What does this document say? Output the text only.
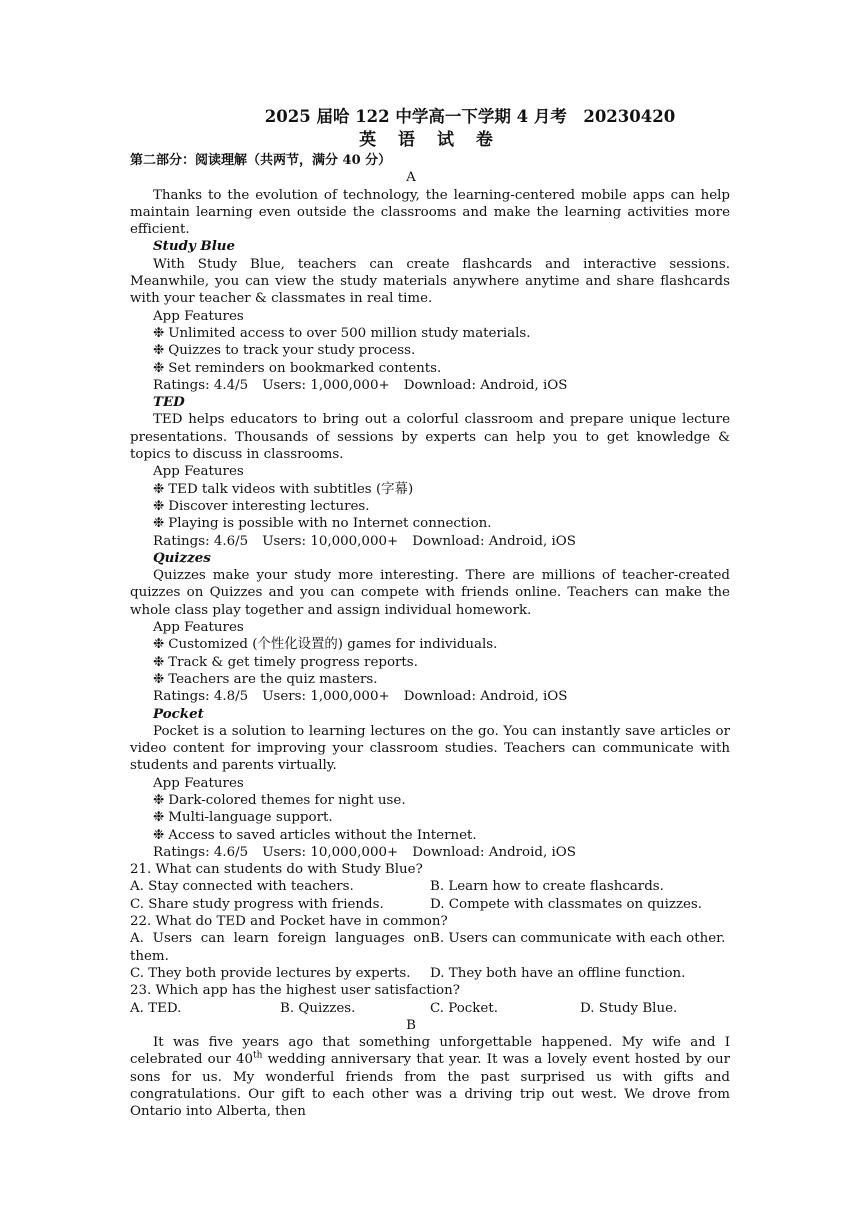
2025 届哈 122 中学高一下学期 4 月考　20230420
英 语 试 卷
第二部分：阅读理解（共两节，满分 40 分）
A

Thanks to the evolution of technology, the learning-centered mobile apps can help maintain learning even outside the classrooms and make the learning activities more efficient.

Study Blue

With Study Blue, teachers can create flashcards and interactive sessions. Meanwhile, you can view the study materials anywhere anytime and share flashcards with your teacher & classmates in real time.

App Features
❉ Unlimited access to over 500 million study materials.
❉ Quizzes to track your study process.
❉ Set reminders on bookmarked contents.
Ratings: 4.4/5 Users: 1,000,000+ Download: Android, iOS
TED

TED helps educators to bring out a colorful classroom and prepare unique lecture presentations. Thousands of sessions by experts can help you to get knowledge & topics to discuss in classrooms.

App Features
❉ TED talk videos with subtitles (字幕)
❉ Discover interesting lectures.
❉ Playing is possible with no Internet connection.
Ratings: 4.6/5 Users: 10,000,000+ Download: Android, iOS
Quizzes

Quizzes make your study more interesting. There are millions of teacher-created quizzes on Quizzes and you can compete with friends online. Teachers can make the whole class play together and assign individual homework.

App Features
❉ Customized (个性化设置的) games for individuals.
❉ Track & get timely progress reports.
❉ Teachers are the quiz masters.
Ratings: 4.8/5 Users: 1,000,000+ Download: Android, iOS
Pocket

Pocket is a solution to learning lectures on the go. You can instantly save articles or video content for improving your classroom studies. Teachers can communicate with students and parents virtually.

App Features
❉ Dark-colored themes for night use.
❉ Multi-language support.
❉ Access to saved articles without the Internet.
Ratings: 4.6/5 Users: 10,000,000+ Download: Android, iOS
21. What can students do with Study Blue?
A. Stay connected with teachers.	B. Learn how to create flashcards.
C. Share study progress with friends.	D. Compete with classmates on quizzes.
22. What do TED and Pocket have in common?
A. Users can learn foreign languages on them.
B. Users can communicate with each other.
C. They both provide lectures by experts.	D. They both have an offline function.
23. Which app has the highest user satisfaction?
A. TED.	B. Quizzes.	C. Pocket.	D. Study Blue.
B

It was five years ago that something unforgettable happened. My wife and I celebrated our 40th wedding anniversary that year. It was a lovely event hosted by our sons for us. My wonderful friends from the past surprised us with gifts and congratulations. Our gift to each other was a driving trip out west. We drove from Ontario into Alberta, then
